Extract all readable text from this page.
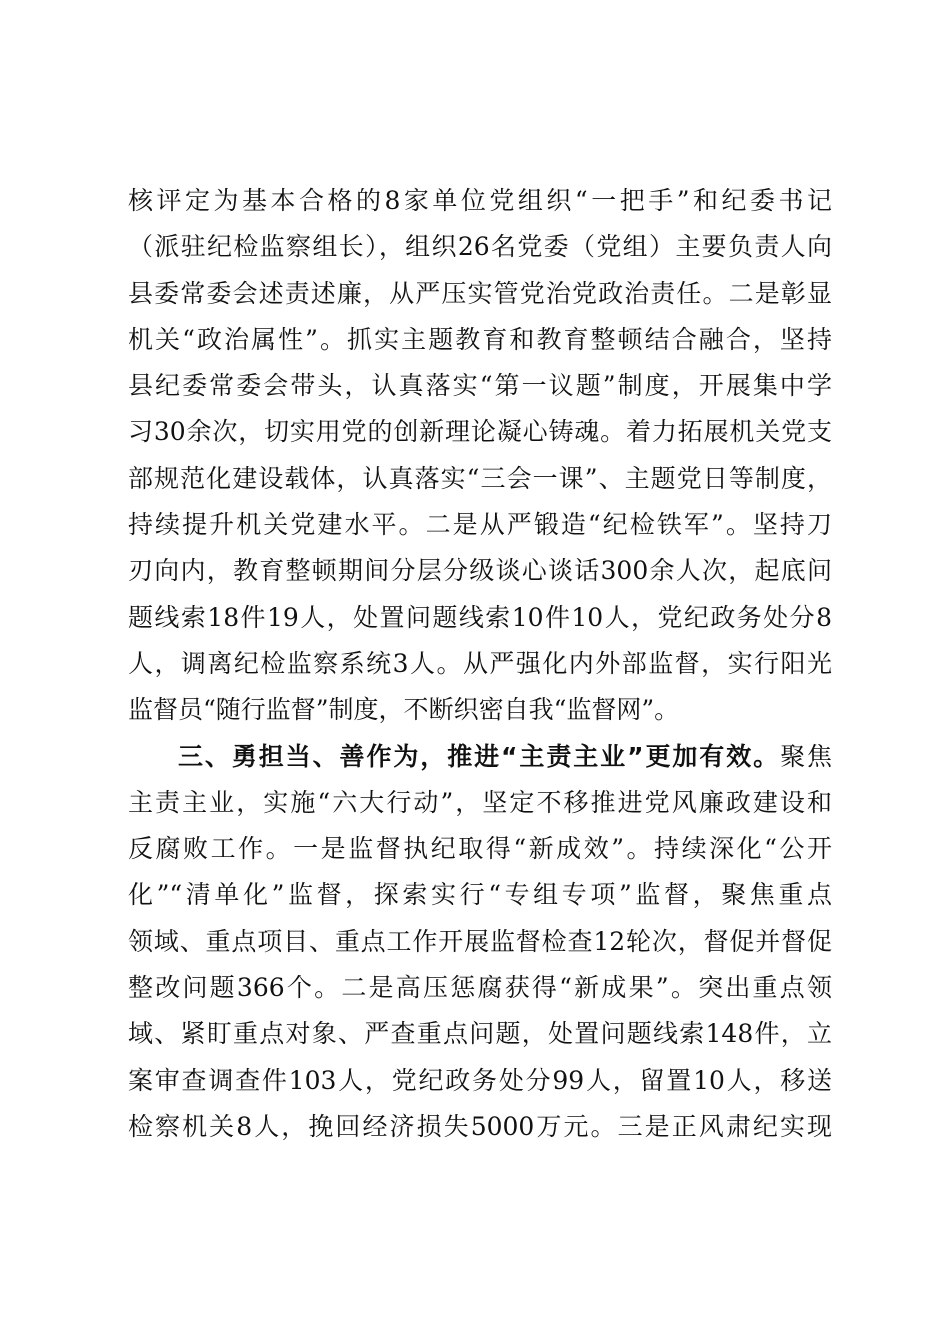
核评定为基本合格的8家单位党组织“一把手”和纪委书记
（派驻纪检监察组长），组织26名党委（党组）主要负责人向
县委常委会述责述廉，从严压实管党治党政治责任。二是彰显
机关“政治属性”。抓实主题教育和教育整顿结合融合，坚持
县纪委常委会带头，认真落实“第一议题”制度，开展集中学
习30余次，切实用党的创新理论凝心铸魂。着力拓展机关党支
部规范化建设载体，认真落实“三会一课”、主题党日等制度，
持续提升机关党建水平。二是从严锻造“纪检铁军”。坚持刀
刃向内，教育整顿期间分层分级谈心谈话300余人次，起底问
题线索18件19人，处置问题线索10件10人，党纪政务处分8
人，调离纪检监察系统3人。从严强化内外部监督，实行阳光
监督员“随行监督”制度，不断织密自我“监督网”。
三、勇担当、善作为，推进“主责主业”更加有效。聚焦
主责主业，实施“六大行动”，坚定不移推进党风廉政建设和
反腐败工作。一是监督执纪取得“新成效”。持续深化“公开
化”“清单化”监督，探索实行“专组专项”监督，聚焦重点
领域、重点项目、重点工作开展监督检查12轮次，督促并督促
整改问题366个。二是高压惩腐获得“新成果”。突出重点领
域、紧盯重点对象、严查重点问题，处置问题线索148件，立
案审查调查件103人，党纪政务处分99人，留置10人，移送
检察机关8人，挽回经济损失5000万元。三是正风肃纪实现
